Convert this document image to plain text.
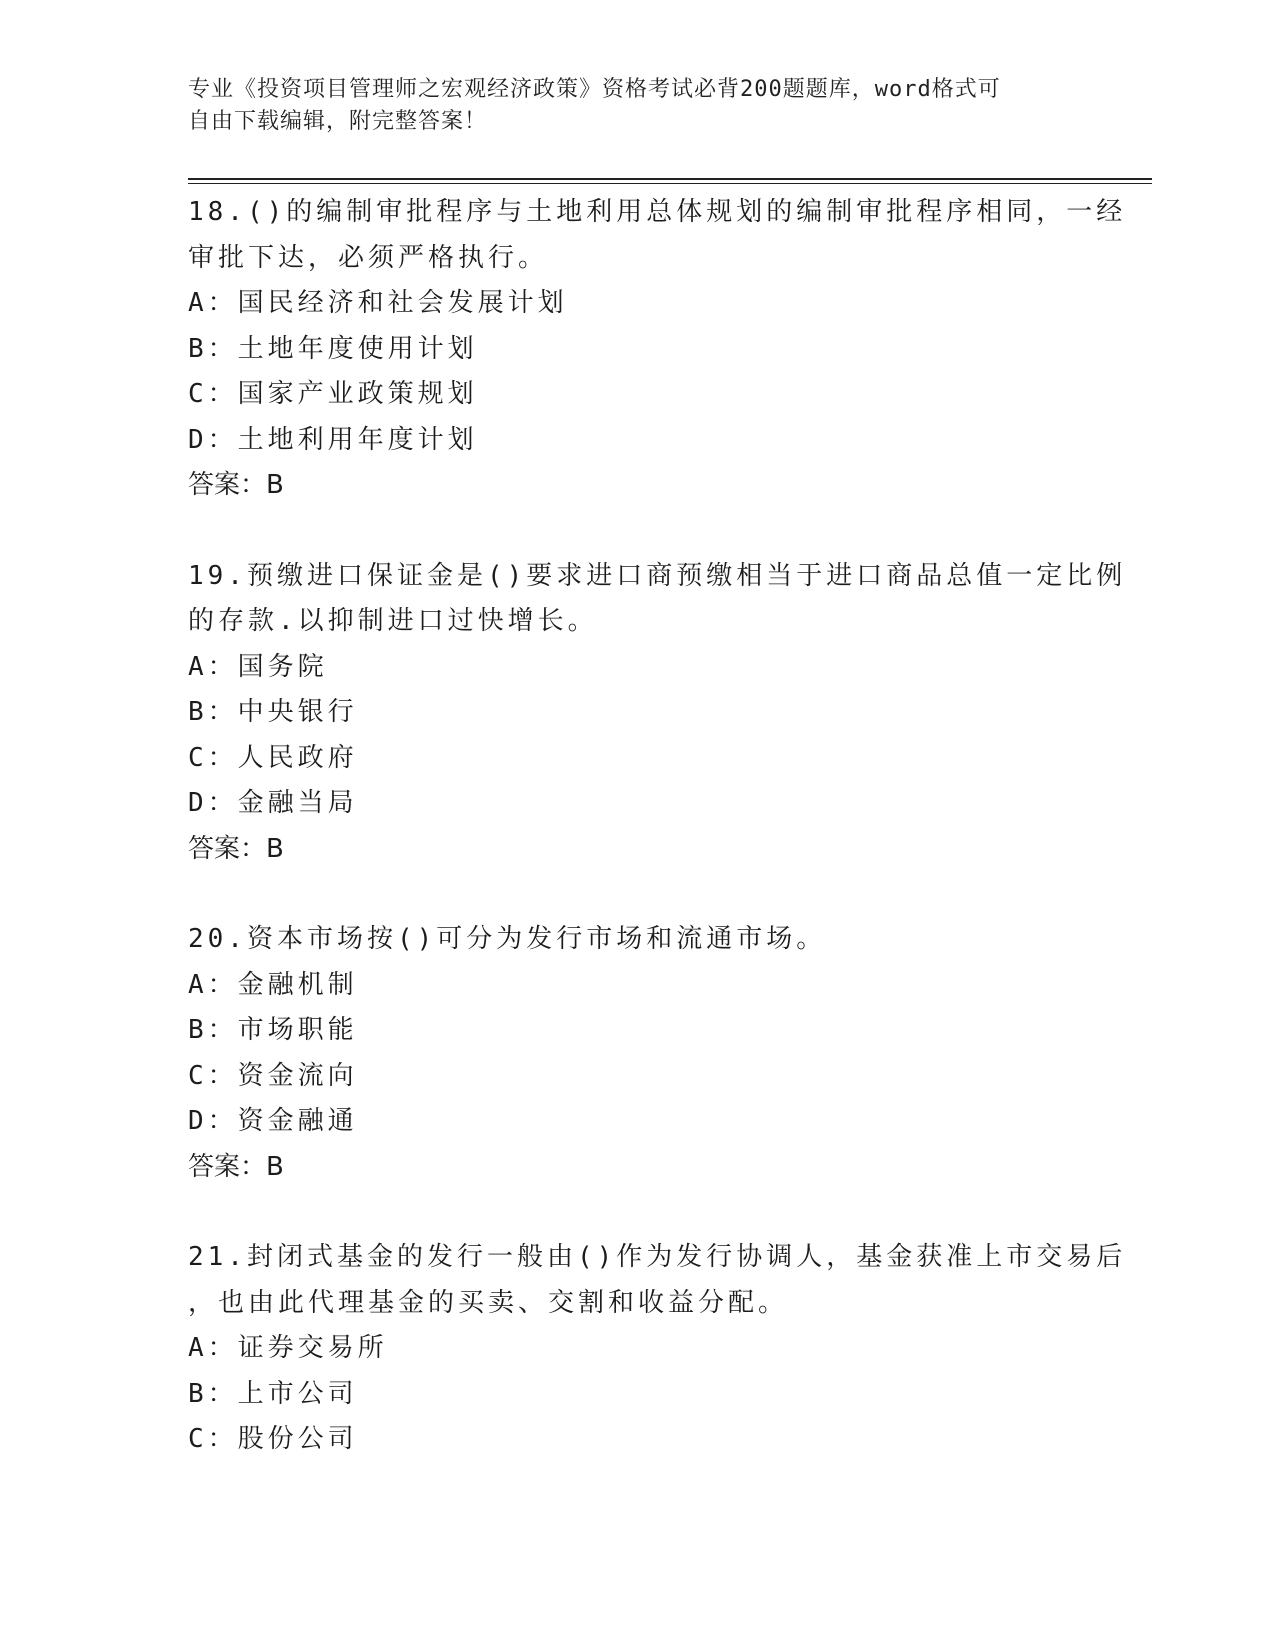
专业《投资项目管理师之宏观经济政策》资格考试必背200题题库，word格式可
自由下载编辑，附完整答案！
18.()的编制审批程序与土地利用总体规划的编制审批程序相同，一经
审批下达，必须严格执行。
A：国民经济和社会发展计划
B：土地年度使用计划
C：国家产业政策规划
D：土地利用年度计划
答案：B
19.预缴进口保证金是()要求进口商预缴相当于进口商品总值一定比例
的存款.以抑制进口过快增长。
A：国务院
B：中央银行
C：人民政府
D：金融当局
答案：B
20.资本市场按()可分为发行市场和流通市场。
A：金融机制
B：市场职能
C：资金流向
D：资金融通
答案：B
21.封闭式基金的发行一般由()作为发行协调人，基金获准上市交易后
，也由此代理基金的买卖、交割和收益分配。
A：证券交易所
B：上市公司
C：股份公司
